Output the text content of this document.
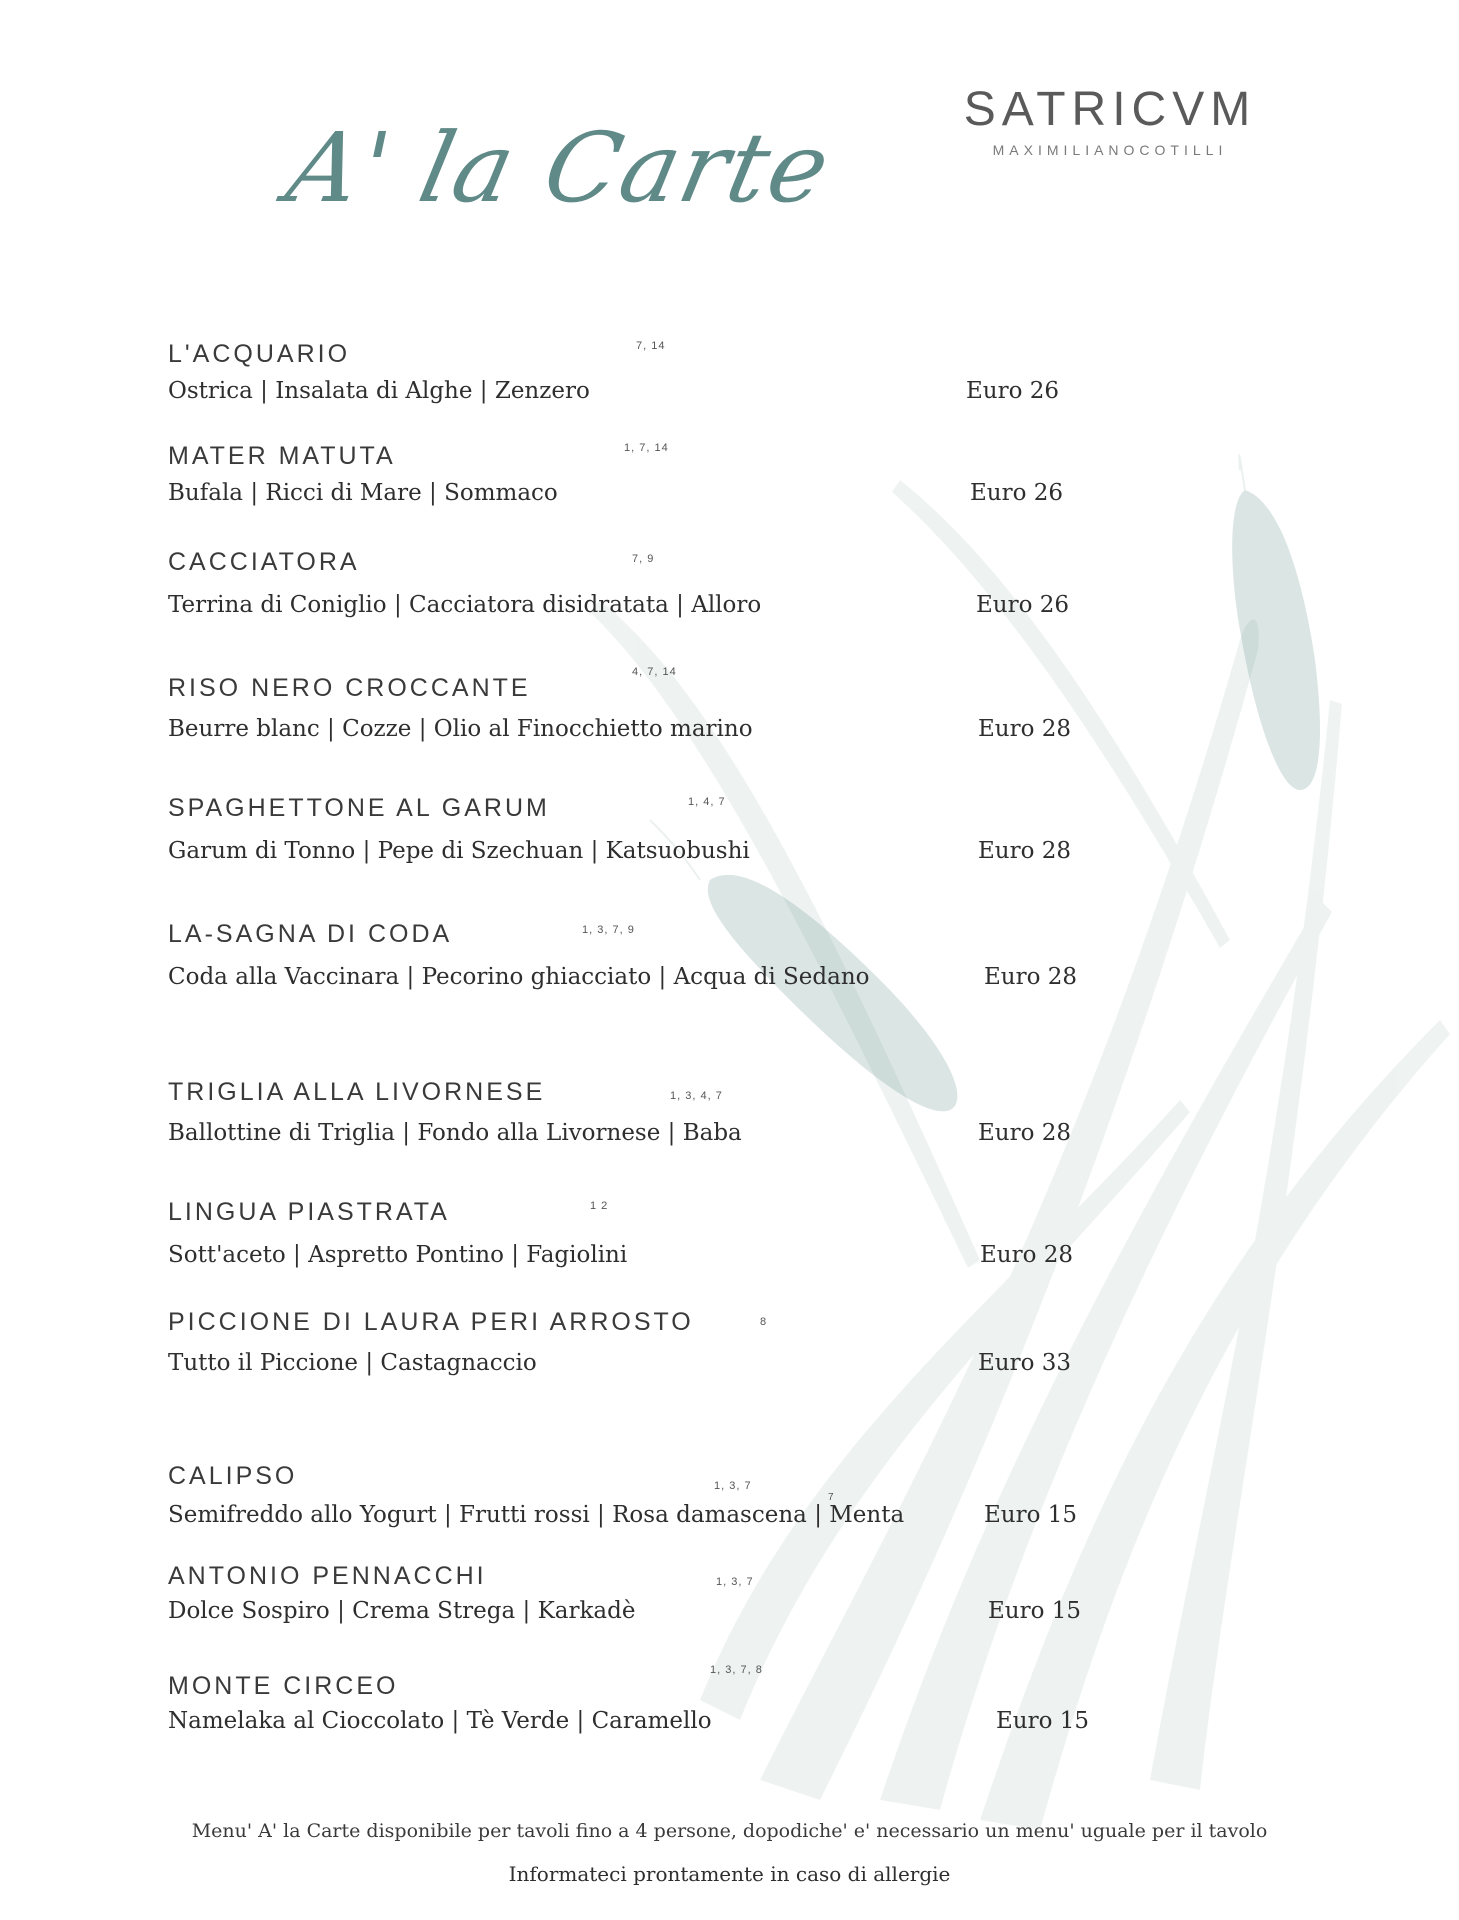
SATRICVM
MAXIMILIANOCOTILLI
A' la Carte
L'ACQUARIO	7, 14
Ostrica | Insalata di Alghe | Zenzero	Euro 26
MATER MATUTA	1, 7, 14
Bufala | Ricci di Mare | Sommaco	Euro 26
CACCIATORA	7, 9
Terrina di Coniglio | Cacciatora disidratata | Alloro	Euro 26
RISO NERO CROCCANTE
4, 7, 14
Beurre blanc | Cozze | Olio al Finocchietto marino	Euro 28
SPAGHETTONE AL GARUM	1, 4, 7
Garum di Tonno | Pepe di Szechuan | Katsuobushi	Euro 28
LA-SAGNA DI CODA	1, 3, 7, 9
Coda alla Vaccinara | Pecorino ghiacciato | Acqua di Sedano	Euro 28
TRIGLIA ALLA LIVORNESE	1, 3, 4, 7
Ballottine di Triglia | Fondo alla Livornese | Baba	Euro 28
LINGUA PIASTRATA	1 2
Sott'aceto | Aspretto Pontino | Fagiolini	Euro 28
PICCIONE DI LAURA PERI ARROSTO	8
Tutto il Piccione | Castagnaccio	Euro 33
CALIPSO	1, 3, 7
7
Semifreddo allo Yogurt | Frutti rossi | Rosa damascena | Menta	Euro 15
ANTONIO PENNACCHI	1, 3, 7
Dolce Sospiro | Crema Strega | Karkadè	Euro 15
MONTE CIRCEO
1, 3, 7, 8
Namelaka al Cioccolato | Tè Verde | Caramello	Euro 15
Menu' A' la Carte disponibile per tavoli fino a 4 persone, dopodiche' e' necessario un menu' uguale per il tavolo
Informateci prontamente in caso di allergie
